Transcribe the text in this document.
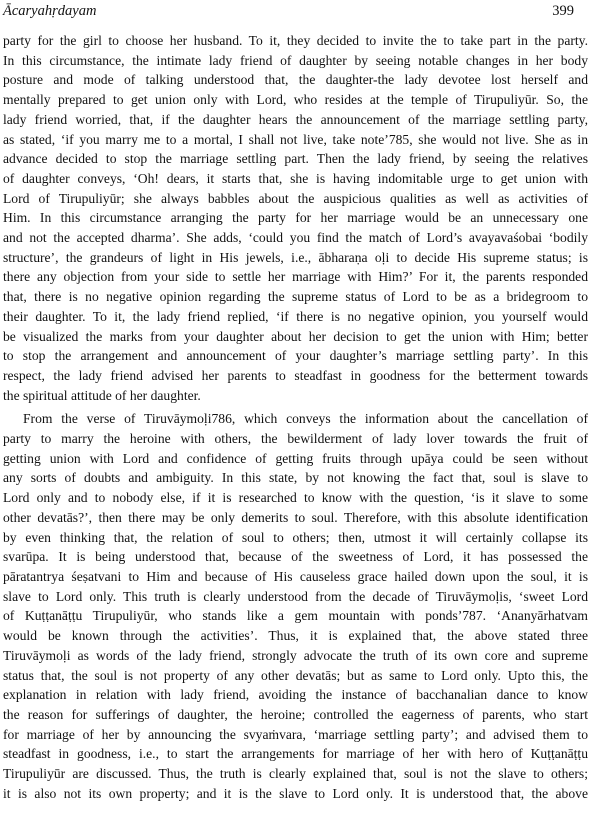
Ācaryahṛdayam	399

party for the girl to choose her husband. To it, they decided to invite the to take part in the party.
In this circumstance, the intimate lady friend of daughter by seeing notable changes in her body
posture and mode of talking understood that, the daughter-the lady devotee lost herself and
mentally prepared to get union only with Lord, who resides at the temple of Tirupuliyūr. So, the
lady friend worried, that, if the daughter hears the announcement of the marriage settling party,
as stated, ‘if you marry me to a mortal, I shall not live, take note’785, she would not live. She as in
advance decided to stop the marriage settling part. Then the lady friend, by seeing the relatives
of daughter conveys, ‘Oh! dears, it starts that, she is having indomitable urge to get union with
Lord of Tirupuliyūr; she always babbles about the auspicious qualities as well as activities of
Him. In this circumstance arranging the party for her marriage would be an unnecessary one
and not the accepted dharma’. She adds, ‘could you find the match of Lord’s avayavaśobai ‘bodily
structure’, the grandeurs of light in His jewels, i.e., ābharaṇa oḷi to decide His supreme status; is
there any objection from your side to settle her marriage with Him?’ For it, the parents responded
that, there is no negative opinion regarding the supreme status of Lord to be as a bridegroom to
their daughter. To it, the lady friend replied, ‘if there is no negative opinion, you yourself would
be visualized the marks from your daughter about her decision to get the union with Him; better
to stop the arrangement and announcement of your daughter’s marriage settling party’. In this
respect, the lady friend advised her parents to steadfast in goodness for the betterment towards
the spiritual attitude of her daughter.

From the verse of Tiruvāymoḷi786, which conveys the information about the cancellation of
party to marry the heroine with others, the bewilderment of lady lover towards the fruit of
getting union with Lord and confidence of getting fruits through upāya could be seen without
any sorts of doubts and ambiguity. In this state, by not knowing the fact that, soul is slave to
Lord only and to nobody else, if it is researched to know with the question, ‘is it slave to some
other devatās?’, then there may be only demerits to soul. Therefore, with this absolute identification
by even thinking that, the relation of soul to others; then, utmost it will certainly collapse its
svarūpa. It is being understood that, because of the sweetness of Lord, it has possessed the
pāratantrya śeṣatvani to Him and because of His causeless grace hailed down upon the soul, it is
slave to Lord only. This truth is clearly understood from the decade of Tiruvāymoḷis, ‘sweet Lord
of Kuṭṭanāṭṭu Tirupuliyūr, who stands like a gem mountain with ponds’787. ‘Ananyārhatvam
would be known through the activities’. Thus, it is explained that, the above stated three
Tiruvāymoḷi as words of the lady friend, strongly advocate the truth of its own core and supreme
status that, the soul is not property of any other devatās; but as same to Lord only. Upto this, the
explanation in relation with lady friend, avoiding the instance of bacchanalian dance to know
the reason for sufferings of daughter, the heroine; controlled the eagerness of parents, who start
for marriage of her by announcing the svyaṁvara, ‘marriage settling party’; and advised them to
steadfast in goodness, i.e., to start the arrangements for marriage of her with hero of Kuṭṭanāṭṭu
Tirupuliyūr are discussed. Thus, the truth is clearly explained that, soul is not the slave to others;
it is also not its own property; and it is the slave to Lord only. It is understood that, the above
